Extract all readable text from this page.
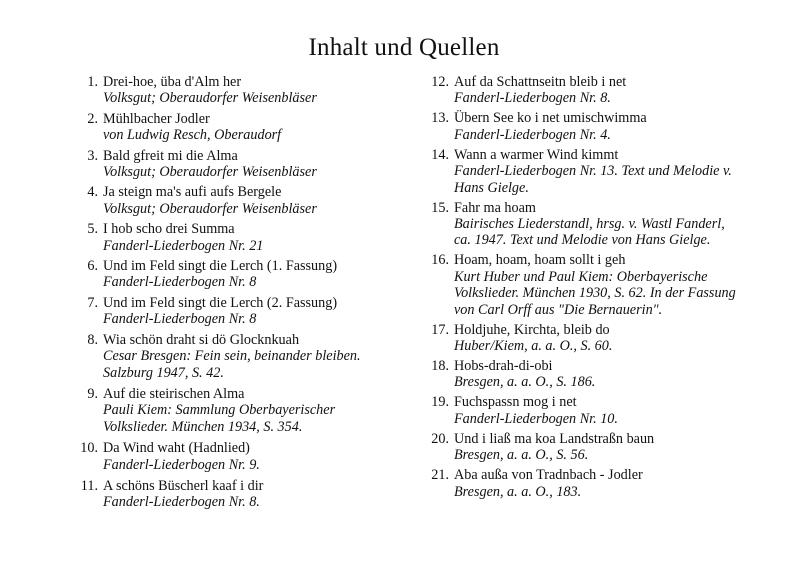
Inhalt und Quellen
1. Drei-hoe, üba d'Alm her
Volksgut; Oberaudorfer Weisenbläser
2. Mühlbacher Jodler
von Ludwig Resch, Oberaudorf
3. Bald gfreit mi die Alma
Volksgut; Oberaudorfer Weisenbläser
4. Ja steign ma's aufi aufs Bergele
Volksgut; Oberaudorfer Weisenbläser
5. I hob scho drei Summa
Fanderl-Liederbogen Nr. 21
6. Und im Feld singt die Lerch (1. Fassung)
Fanderl-Liederbogen Nr. 8
7. Und im Feld singt die Lerch (2. Fassung)
Fanderl-Liederbogen Nr. 8
8. Wia schön draht si dö Glocknkuah
Cesar Bresgen: Fein sein, beinander bleiben.
Salzburg 1947, S. 42.
9. Auf die steirischen Alma
Pauli Kiem: Sammlung Oberbayerischer
Volkslieder. München 1934, S. 354.
10. Da Wind waht (Hadnlied)
Fanderl-Liederbogen Nr. 9.
11. A schöns Büscherl kaaf i dir
Fanderl-Liederbogen Nr. 8.
12. Auf da Schattnseitn bleib i net
Fanderl-Liederbogen Nr. 8.
13. Übern See ko i net umischwimma
Fanderl-Liederbogen Nr. 4.
14. Wann a warmer Wind kimmt
Fanderl-Liederbogen Nr. 13. Text und Melodie v.
Hans Gielge.
15. Fahr ma hoam
Bairisches Liederstandl, hrsg. v. Wastl Fanderl,
ca. 1947. Text und Melodie von Hans Gielge.
16. Hoam, hoam, hoam sollt i geh
Kurt Huber und Paul Kiem: Oberbayerische
Volkslieder. München 1930, S. 62. In der Fassung
von Carl Orff aus "Die Bernauerin".
17. Holdjuhe, Kirchta, bleib do
Huber/Kiem, a. a. O., S. 60.
18. Hobs-drah-di-obi
Bresgen, a. a. O., S. 186.
19. Fuchspassn mog i net
Fanderl-Liederbogen Nr. 10.
20. Und i liaß ma koa Landstraßn baun
Bresgen, a. a. O., S. 56.
21. Aba außa von Tradnbach - Jodler
Bresgen, a. a. O., 183.
